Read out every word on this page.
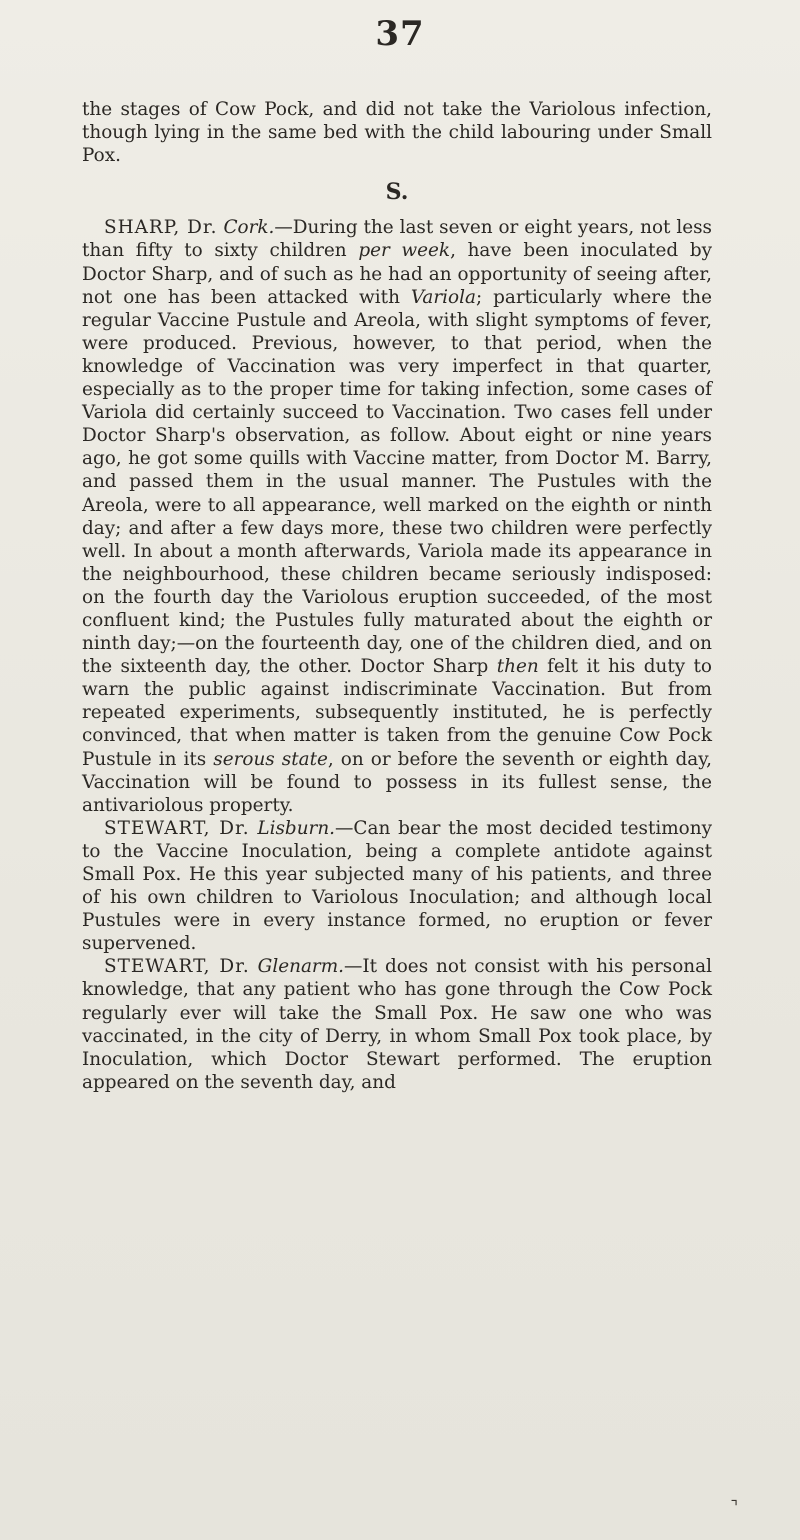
37

the stages of Cow Pock, and did not take the Variolous infection, though lying in the same bed with the child labouring under Small Pox.

S.

SHARP, Dr. Cork.—During the last seven or eight years, not less than fifty to sixty children per week, have been inoculated by Doctor Sharp, and of such as he had an opportunity of seeing after, not one has been attacked with Variola; particularly where the regular Vaccine Pustule and Areola, with slight symptoms of fever, were produced. Previous, however, to that period, when the knowledge of Vaccination was very imperfect in that quarter, especially as to the proper time for taking infection, some cases of Variola did certainly succeed to Vaccination. Two cases fell under Doctor Sharp's observation, as follow. About eight or nine years ago, he got some quills with Vaccine matter, from Doctor M. Barry, and passed them in the usual manner. The Pustules with the Areola, were to all appearance, well marked on the eighth or ninth day; and after a few days more, these two children were perfectly well. In about a month afterwards, Variola made its appearance in the neighbourhood, these children became seriously indisposed: on the fourth day the Variolous eruption succeeded, of the most confluent kind; the Pustules fully maturated about the eighth or ninth day;—on the fourteenth day, one of the children died, and on the sixteenth day, the other. Doctor Sharp then felt it his duty to warn the public against indiscriminate Vaccination. But from repeated experiments, subsequently instituted, he is perfectly convinced, that when matter is taken from the genuine Cow Pock Pustule in its serous state, on or before the seventh or eighth day, Vaccination will be found to possess in its fullest sense, the antivariolous property.

STEWART, Dr. Lisburn.—Can bear the most decided testimony to the Vaccine Inoculation, being a complete antidote against Small Pox. He this year subjected many of his patients, and three of his own children to Variolous Inoculation; and although local Pustules were in every instance formed, no eruption or fever supervened.

STEWART, Dr. Glenarm.—It does not consist with his personal knowledge, that any patient who has gone through the Cow Pock regularly ever will take the Small Pox. He saw one who was vaccinated, in the city of Derry, in whom Small Pox took place, by Inoculation, which Doctor Stewart performed. The eruption appeared on the seventh day, and

⌝
